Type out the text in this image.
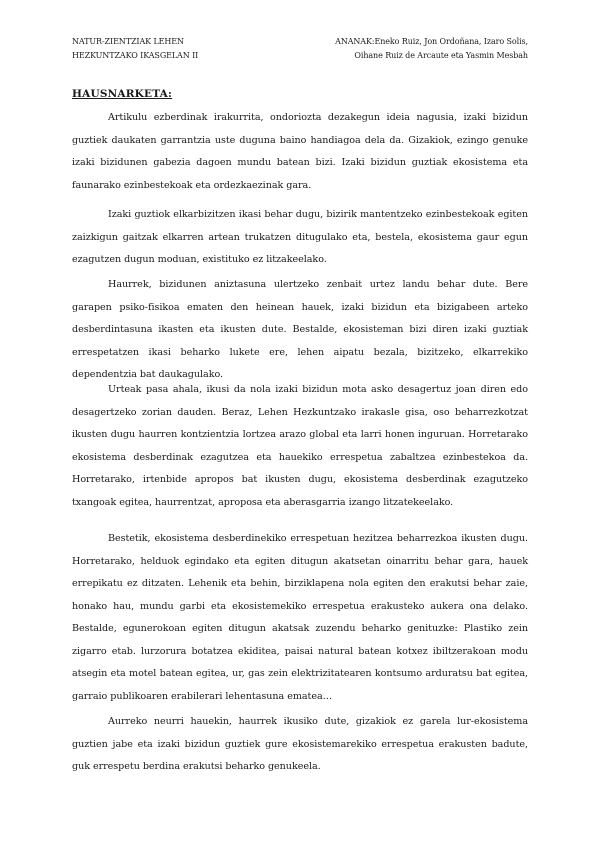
NATUR-ZIENTZIAK LEHEN
HEZKUNTZAKO IKASGELAN II
ANANAK:Eneko Ruiz, Jon Ordoñana, Izaro Solis,
Oihane Ruiz de Arcaute eta Yasmin Mesbah
HAUSNARKETA:

Artikulu ezberdinak irakurrita, ondorioztа dezakegun ideia nagusia, izaki bizidun guztiek daukaten garrantzia uste duguna baino handiagoa dela da. Gizakiok, ezingo genuke izaki bizidunen gabezia dagoen mundu batean bizi. Izaki bizidun guztiak ekosistema eta faunarako ezinbestekoak eta ordezkaezinak gara.

Izaki guztiok elkarbizitzen ikasi behar dugu, bizirik mantentzeko ezinbestekoak egiten zaizkigun gaitzak elkarren artean trukatzen ditugulako eta, bestela, ekosistema gaur egun ezagutzen dugun moduan, existituko ez litzakeelako.

Haurrek, bizidunen aniztasuna ulertzeko zenbait urtez landu behar dute. Bere garapen psiko-fisikoa ematen den heinean hauek, izaki bizidun eta bizigabeen arteko desberdintasuna ikasten eta ikusten dute. Bestalde, ekosisteman bizi diren izaki guztiak errespetatzen ikasi beharko lukete ere, lehen aipatu bezala, bizitzeko, elkarrekiko dependentzia bat daukagulako.

Urteak pasa ahala, ikusi da nola izaki bizidun mota asko desagertuz joan diren edo desagertzeko zorian dauden. Beraz, Lehen Hezkuntzako irakasle gisa, oso beharrezkotzat ikusten dugu haurren kontzientzia lortzea arazo global eta larri honen inguruan. Horretarako ekosistema desberdinak ezagutzea eta hauekiko errespetua zabaltzea ezinbestekoa da. Horretarako, irtenbide apropos bat ikusten dugu, ekosistema desberdinak ezagutzeko txangoak egitea, haurrentzat, aproposa eta aberasgarria izango litzatekeelako.

Bestetik, ekosistema desberdinekiko errespetuan hezitzea beharrezkoa ikusten dugu. Horretarako, helduok egindako eta egiten ditugun akatsetan oinarritu behar gara, hauek errepikatu ez ditzaten. Lehenik eta behin, birziklapena nola egiten den erakutsi behar zaie, honako hau, mundu garbi eta ekosistemekiko errespetua erakusteko aukera ona delako. Bestalde, egunerokoan egiten ditugun akatsak zuzendu beharko genituzke: Plastiko zein zigarro etab. lurzorura botatzea ekiditea, paisai natural batean kotxez ibiltzerakoan modu atsegin eta motel batean egitea, ur, gas zein elektrizitatearen kontsumo arduratsu bat egitea, garraio publikoaren erabilerari lehentasuna ematea…

Aurreko neurri hauekin, haurrek ikusiko dute, gizakiok ez garela lur-ekosistema guztien jabe eta izaki bizidun guztiek gure ekosistemarekiko errespetua erakusten badute, guk errespetu berdina erakutsi beharko genukeela.
